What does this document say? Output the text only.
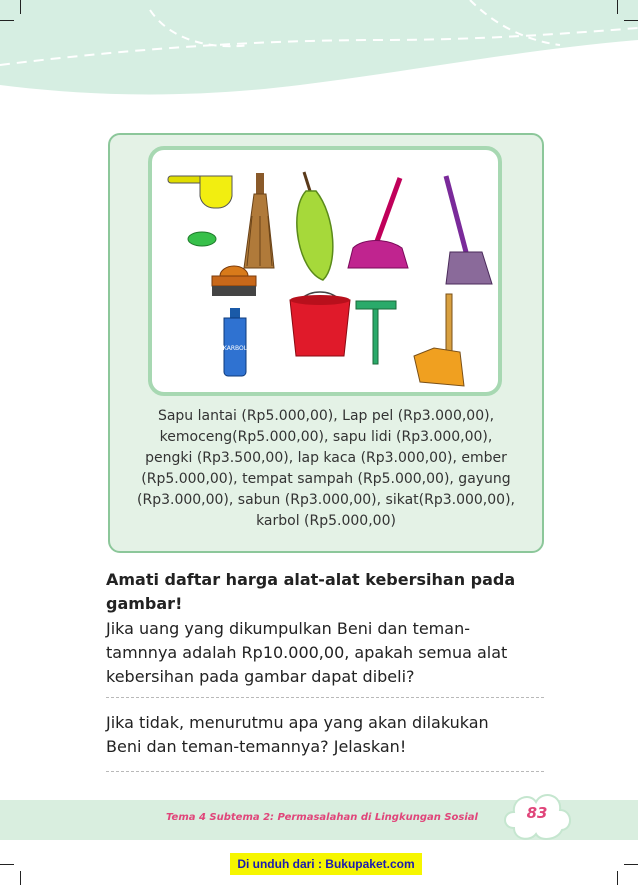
KARBOL
Sapu lantai (Rp5.000,00), Lap pel (Rp3.000,00),
kemoceng(Rp5.000,00), sapu lidi (Rp3.000,00),
pengki (Rp3.500,00), lap kaca (Rp3.000,00), ember
(Rp5.000,00), tempat sampah (Rp5.000,00), gayung
(Rp3.000,00), sabun (Rp3.000,00), sikat(Rp3.000,00),
karbol (Rp5.000,00)
Amati daftar harga alat-alat kebersihan pada
gambar!
Jika uang yang dikumpulkan Beni dan teman-
tamnnya adalah Rp10.000,00, apakah semua alat
kebersihan pada gambar dapat dibeli?
Jika tidak, menurutmu apa yang akan dilakukan
Beni dan teman-temannya? Jelaskan!
Tema 4 Subtema 2: Permasalahan di Lingkungan Sosial	83
Di unduh dari : Bukupaket.com
